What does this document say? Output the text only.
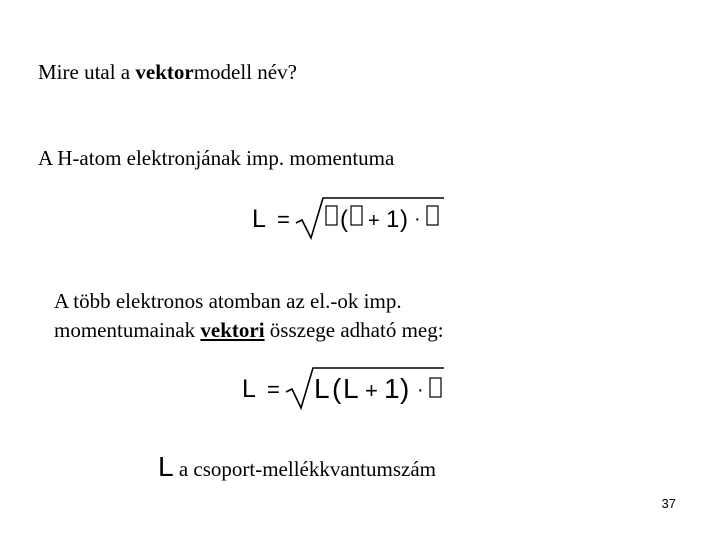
Mire utal a vektormodell név?
A H-atom elektronjának imp. momentuma
L = ( + 1 ) ·
A több elektronos atomban az el.-ok imp.
momentumainak vektori összege adható meg:
L = L ( L + 1 ) ·
L a csoport-mellékkvantumszám
37
